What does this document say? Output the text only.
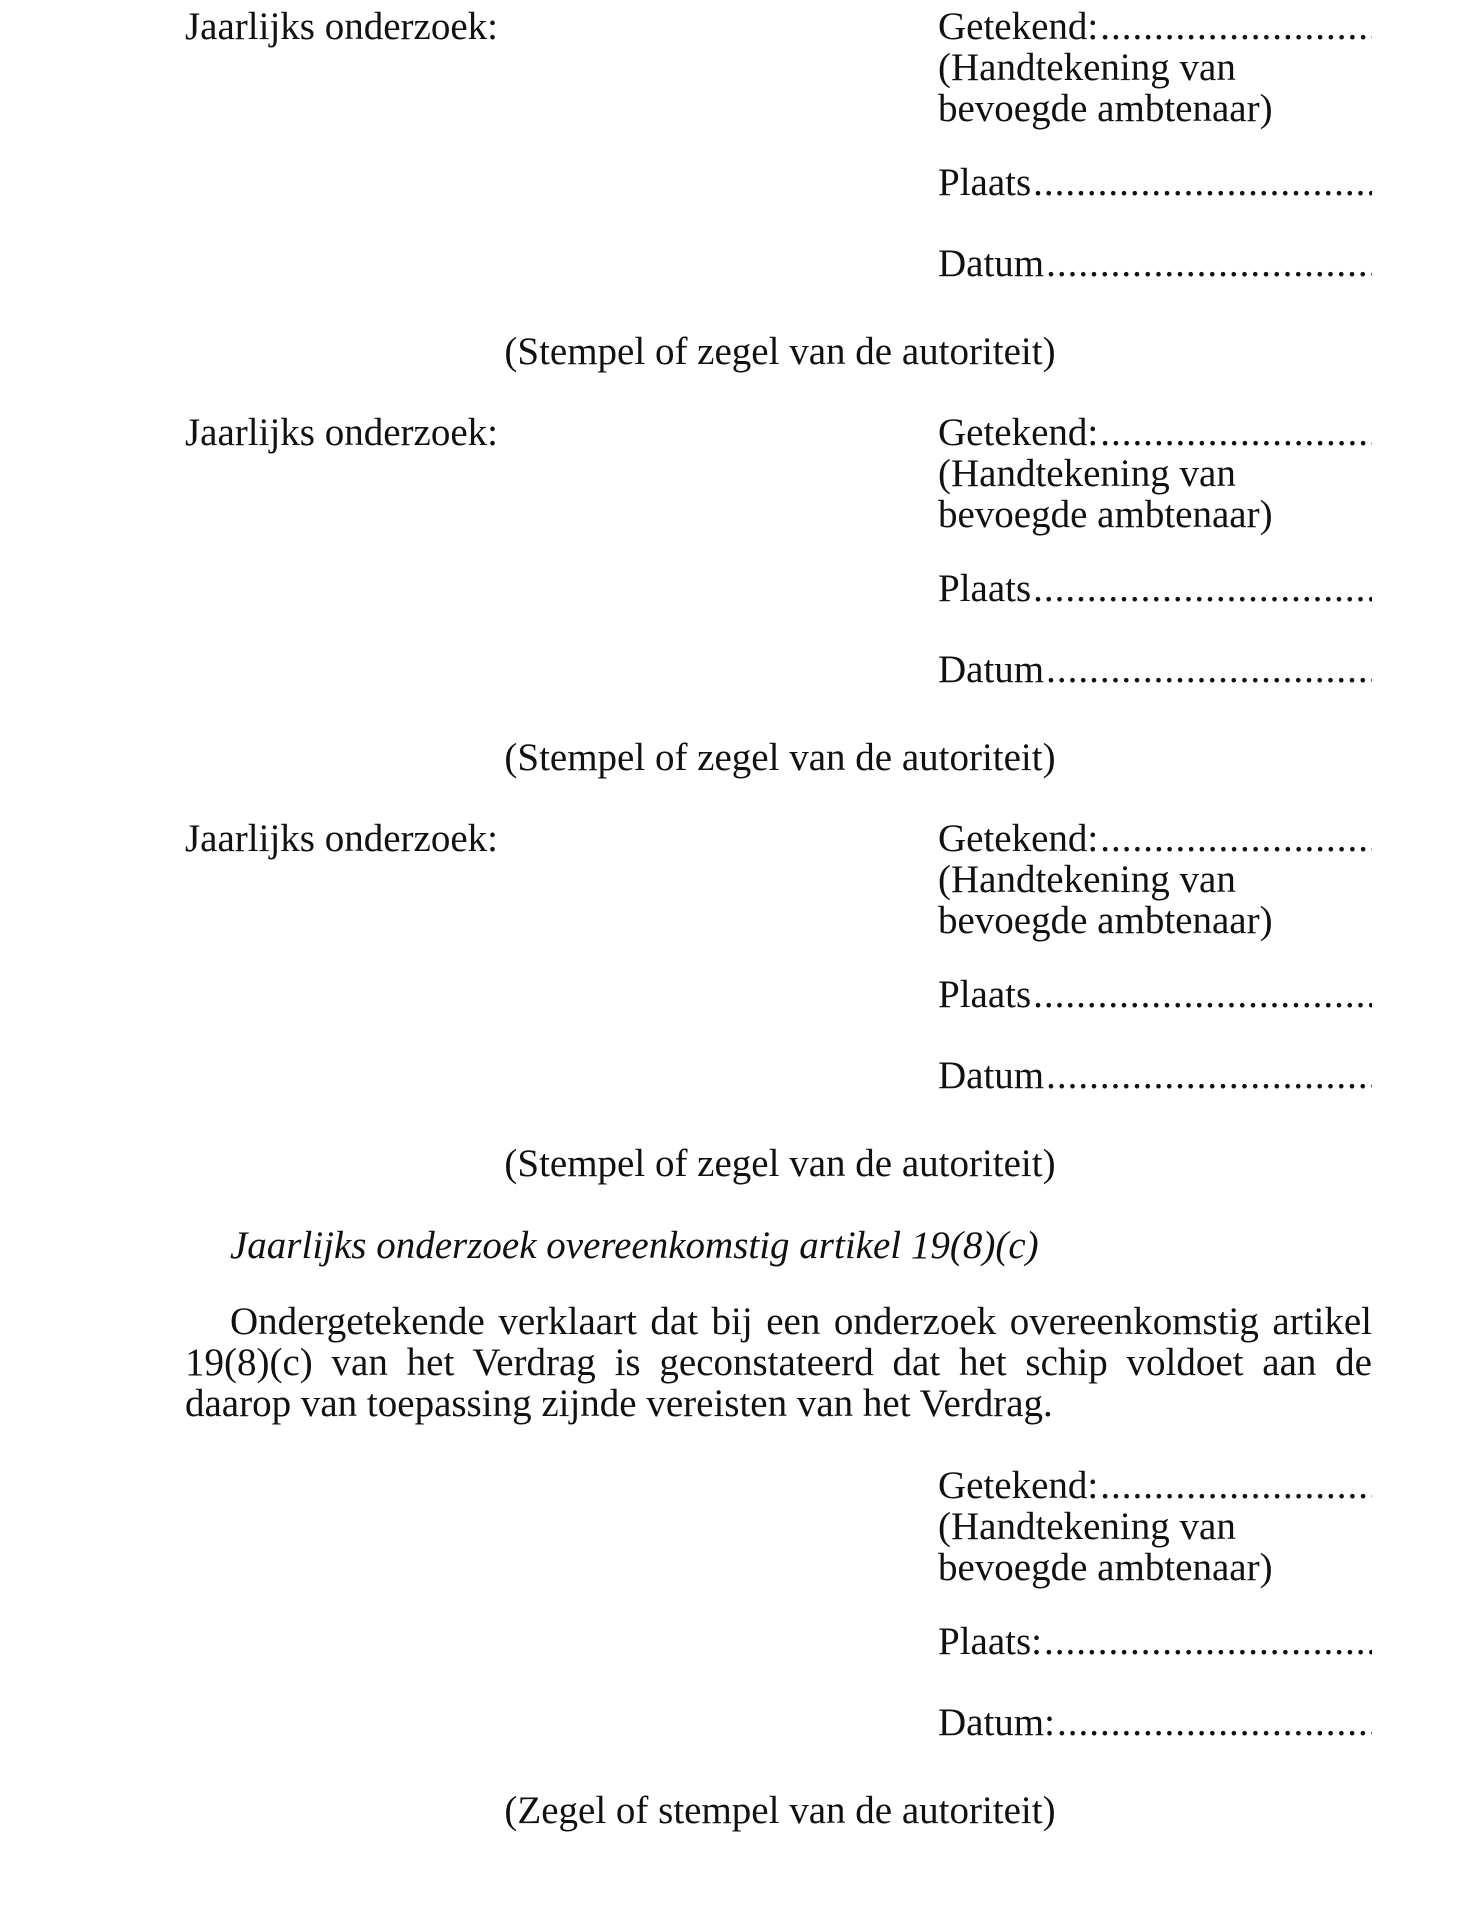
Jaarlijks onderzoek:	Getekend:
.....
(Handtekening van
bevoegde ambtenaar)
Plaats
.....
Datum
.....
(Stempel of zegel van de autoriteit)
Jaarlijks onderzoek:	Getekend:
.....
(Handtekening van
bevoegde ambtenaar)
Plaats
.....
Datum
.....
(Stempel of zegel van de autoriteit)
Jaarlijks onderzoek:	Getekend:
.....
(Handtekening van
bevoegde ambtenaar)
Plaats
.....
Datum
.....
(Stempel of zegel van de autoriteit)
Jaarlijks onderzoek overeenkomstig artikel 19(8)(c)
Ondergetekende verklaart dat bij een onderzoek overeenkomstig artikel 19(8)(c) van het Verdrag is geconstateerd dat het schip voldoet aan de daarop van toepassing zijnde vereisten van het Verdrag.
Getekend:
.....
(Handtekening van
bevoegde ambtenaar)
Plaats:
.....
Datum:
.....
(Zegel of stempel van de autoriteit)
